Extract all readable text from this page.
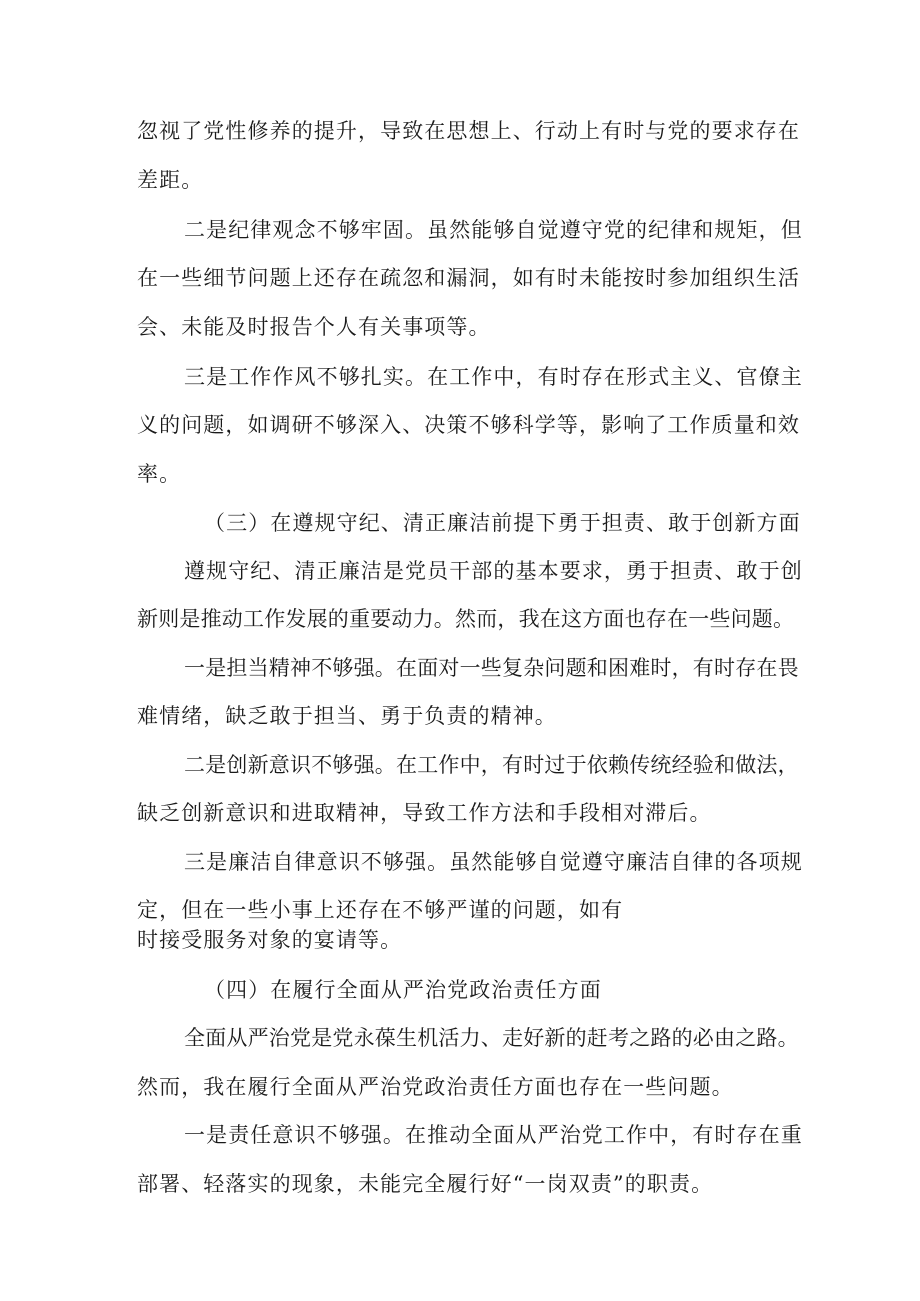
忽视了党性修养的提升，导致在思想上、行动上有时与党的要求存在
差距。
二是纪律观念不够牢固。虽然能够自觉遵守党的纪律和规矩，但
在一些细节问题上还存在疏忽和漏洞，如有时未能按时参加组织生活
会、未能及时报告个人有关事项等。
三是工作作风不够扎实。在工作中，有时存在形式主义、官僚主
义的问题，如调研不够深入、决策不够科学等，影响了工作质量和效
率。
（三）在遵规守纪、清正廉洁前提下勇于担责、敢于创新方面
遵规守纪、清正廉洁是党员干部的基本要求，勇于担责、敢于创
新则是推动工作发展的重要动力。然而，我在这方面也存在一些问题。
一是担当精神不够强。在面对一些复杂问题和困难时，有时存在畏
难情绪，缺乏敢于担当、勇于负责的精神。
二是创新意识不够强。在工作中，有时过于依赖传统经验和做法，
缺乏创新意识和进取精神，导致工作方法和手段相对滞后。
三是廉洁自律意识不够强。虽然能够自觉遵守廉洁自律的各项规
定，但在一些小事上还存在不够严谨的问题，如有
时接受服务对象的宴请等。
（四）在履行全面从严治党政治责任方面
全面从严治党是党永葆生机活力、走好新的赶考之路的必由之路。
然而，我在履行全面从严治党政治责任方面也存在一些问题。
一是责任意识不够强。在推动全面从严治党工作中，有时存在重
部署、轻落实的现象，未能完全履行好“一岗双责”的职责。
